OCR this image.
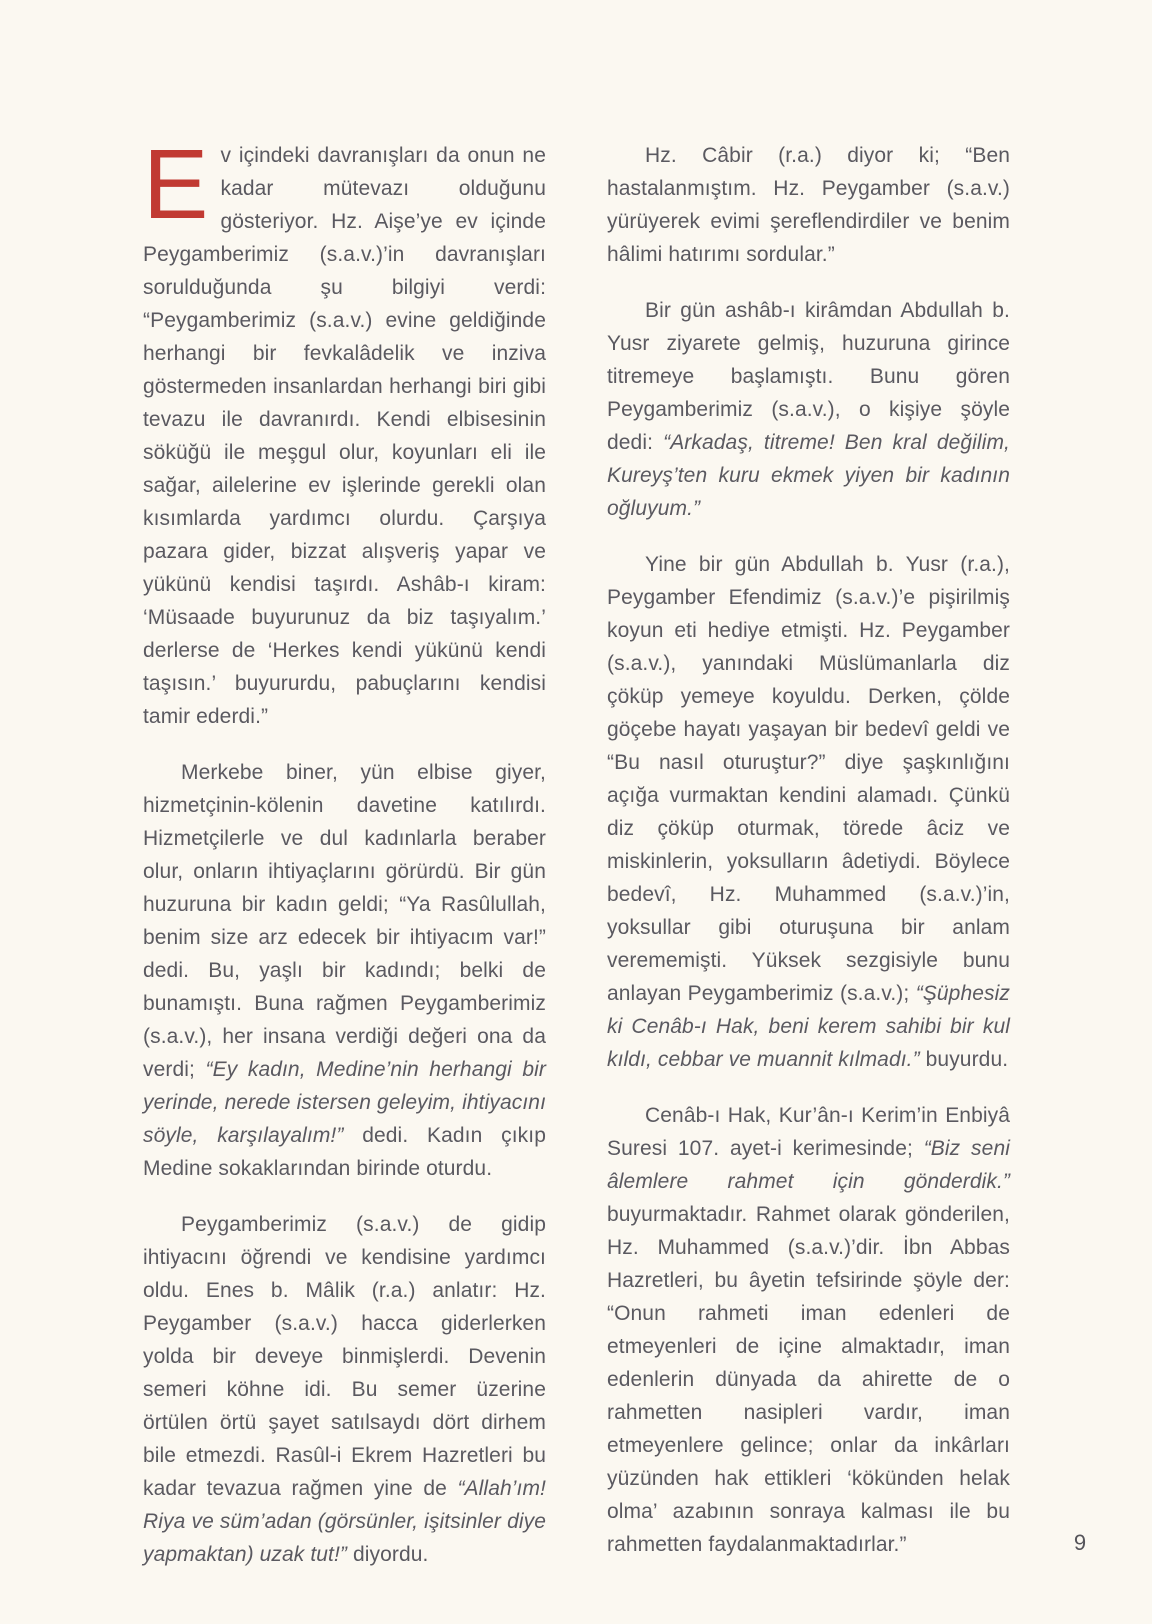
Ev içindeki davranışları da onun ne kadar mütevazı olduğunu gösteriyor. Hz. Aişe’ye ev içinde Peygamberimiz (s.a.v.)’in davranışları sorulduğunda şu bilgiyi verdi: “Peygamberimiz (s.a.v.) evine geldiğinde herhangi bir fevkalâdelik ve inziva göstermeden insanlardan herhangi biri gibi tevazu ile davranırdı. Kendi elbisesinin söküğü ile meşgul olur, koyunları eli ile sağar, ailelerine ev işlerinde gerekli olan kısımlarda yardımcı olurdu. Çarşıya pazara gider, bizzat alışveriş yapar ve yükünü kendisi taşırdı. Ashâb-ı kiram: ‘Müsaade buyurunuz da biz taşıyalım.’ derlerse de ‘Herkes kendi yükünü kendi taşısın.’ buyururdu, pabuçlarını kendisi tamir ederdi.”

Merkebe biner, yün elbise giyer, hizmetçinin-kölenin davetine katılırdı. Hizmetçilerle ve dul kadınlarla beraber olur, onların ihtiyaçlarını görürdü. Bir gün huzuruna bir kadın geldi; “Ya Rasûlullah, benim size arz edecek bir ihtiyacım var!” dedi. Bu, yaşlı bir kadındı; belki de bunamıştı. Buna rağmen Peygamberimiz (s.a.v.), her insana verdiği değeri ona da verdi; “Ey kadın, Medine’nin herhangi bir yerinde, nerede istersen geleyim, ihtiyacını söyle, karşılayalım!” dedi. Kadın çıkıp Medine sokaklarından birinde oturdu.

Peygamberimiz (s.a.v.) de gidip ihtiyacını öğrendi ve kendisine yardımcı oldu. Enes b. Mâlik (r.a.) anlatır: Hz. Peygamber (s.a.v.) hacca giderlerken yolda bir deveye binmişlerdi. Devenin semeri köhne idi. Bu semer üzerine örtülen örtü şayet satılsaydı dört dirhem bile etmezdi. Rasûl-i Ekrem Hazretleri bu kadar tevazua rağmen yine de “Allah’ım! Riya ve süm’adan (görsünler, işitsinler diye yapmaktan) uzak tut!” diyordu.

Hz. Câbir (r.a.) diyor ki; “Ben hastalanmıştım. Hz. Peygamber (s.a.v.) yürüyerek evimi şereflendirdiler ve benim hâlimi hatırımı sordular.”

Bir gün ashâb-ı kirâmdan Abdullah b. Yusr ziyarete gelmiş, huzuruna girince titremeye başlamıştı. Bunu gören Peygamberimiz (s.a.v.), o kişiye şöyle dedi: “Arkadaş, titreme! Ben kral değilim, Kureyş’ten kuru ekmek yiyen bir kadının oğluyum.”

Yine bir gün Abdullah b. Yusr (r.a.), Peygamber Efendimiz (s.a.v.)’e pişirilmiş koyun eti hediye etmişti. Hz. Peygamber (s.a.v.), yanındaki Müslümanlarla diz çöküp yemeye koyuldu. Derken, çölde göçebe hayatı yaşayan bir bedevî geldi ve “Bu nasıl oturuştur?” diye şaşkınlığını açığa vurmaktan kendini alamadı. Çünkü diz çöküp oturmak, törede âciz ve miskinlerin, yoksulların âdetiydi. Böylece bedevî, Hz. Muhammed (s.a.v.)’in, yoksullar gibi oturuşuna bir anlam verememişti. Yüksek sezgisiyle bunu anlayan Peygamberimiz (s.a.v.); “Şüphesiz ki Cenâb-ı Hak, beni kerem sahibi bir kul kıldı, cebbar ve muannit kılmadı.” buyurdu.

Cenâb-ı Hak, Kur’ân-ı Kerim’in Enbiyâ Suresi 107. ayet-i kerimesinde; “Biz seni âlemlere rahmet için gönderdik.” buyurmaktadır. Rahmet olarak gönderilen, Hz. Muhammed (s.a.v.)’dir. İbn Abbas Hazretleri, bu âyetin tefsirinde şöyle der: “Onun rahmeti iman edenleri de etmeyenleri de içine almaktadır, iman edenlerin dünyada da ahirette de o rahmetten nasipleri vardır, iman etmeyenlere gelince; onlar da inkârları yüzünden hak ettikleri ‘kökünden helak olma’ azabının sonraya kalması ile bu rahmetten faydalanmaktadırlar.”	9
